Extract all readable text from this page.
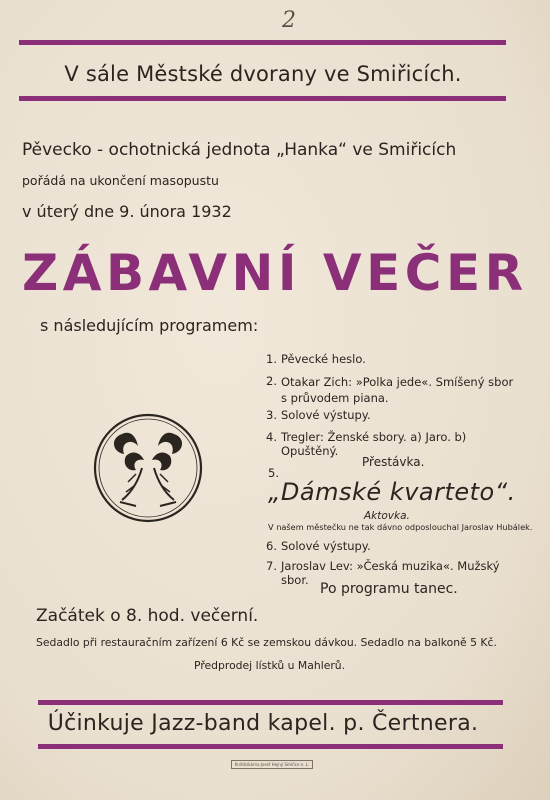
2
V sále Městské dvorany ve Smiřicích.
Pěvecko - ochotnická jednota „Hanka“ ve Smiřicích
pořádá na ukončení masopustu
v úterý dne 9. února 1932
ZÁBAVNÍ VEČER
s následujícím programem:
1. Pěvecké heslo.
2. Otakar Zich: »Polka jede«. Smíšený sbor s průvodem piana.
3. Solové výstupy.
4. Tregler: Ženské sbory. a) Jaro. b) Opuštěný.
Přestávka.
5.
„Dámské kvarteto“.
Aktovka.
V našem městečku ne tak dávno odposlouchal Jaroslav Hubálek.
6. Solové výstupy.
7. Jaroslav Lev: »Česká muzika«. Mužský sbor.
Po programu tanec.
Začátek o 8. hod. večerní.
Sedadlo při restauračním zařízení 6 Kč se zemskou dávkou. Sedadlo na balkoně 5 Kč.
Předprodej lístků u Mahlerů.
Účinkuje Jazz-band kapel. p. Čertnera.
Knihtiskárna Josef Hejný Smiřice n. L.
